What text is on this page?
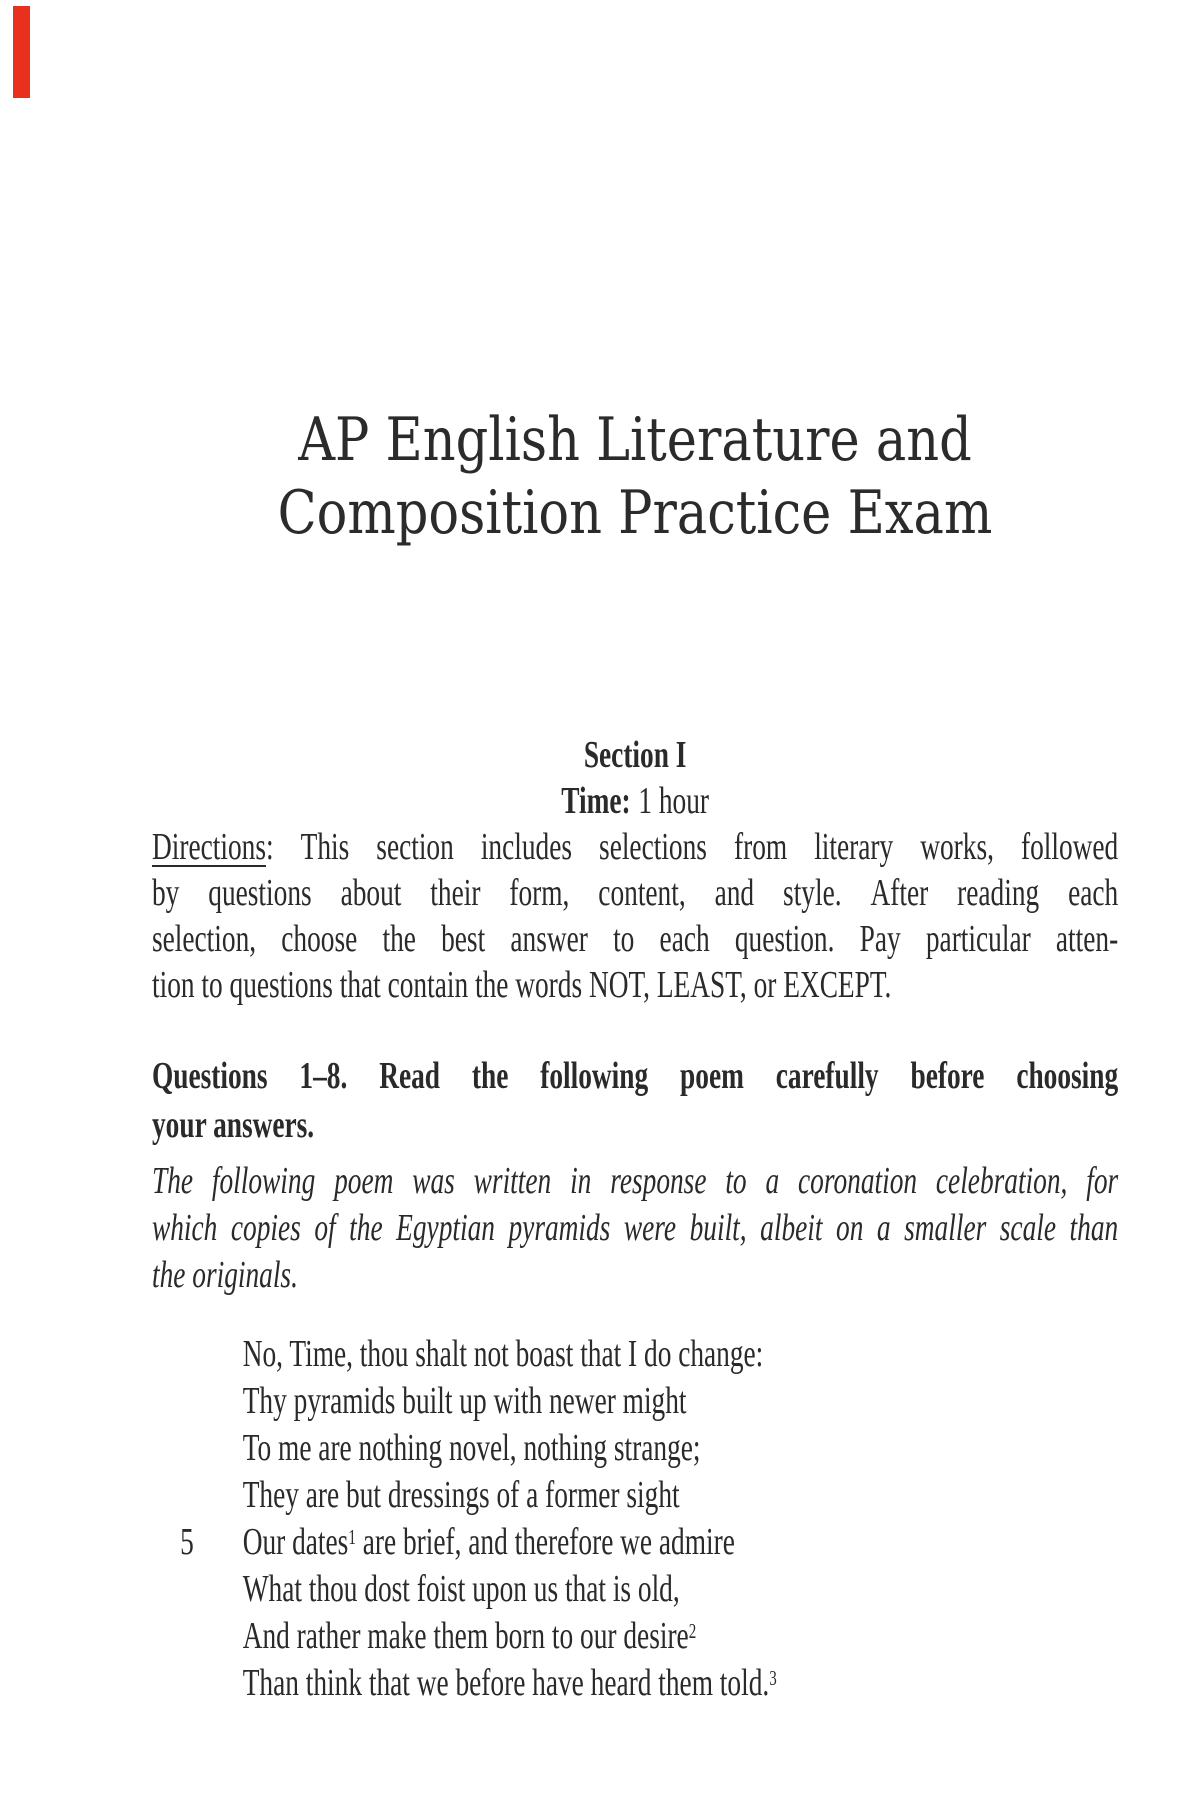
AP English Literature and
Composition Practice Exam
Section I
Time: 1 hour
Directions: This section includes selections from literary works, followed
by questions about their form, content, and style. After reading each
selection, choose the best answer to each question. Pay particular atten-
tion to questions that contain the words NOT, LEAST, or EXCEPT.
Questions 1–8. Read the following poem carefully before choosing
your answers.
The following poem was written in response to a coronation celebration, for
which copies of the Egyptian pyramids were built, albeit on a smaller scale than
the originals.
No, Time, thou shalt not boast that I do change:
Thy pyramids built up with newer might
To me are nothing novel, nothing strange;
They are but dressings of a former sight
5	Our dates$^1$ are brief, and therefore we admire
What thou dost foist upon us that is old,
And rather make them born to our desire$^2$
Than think that we before have heard them told.$^3$
